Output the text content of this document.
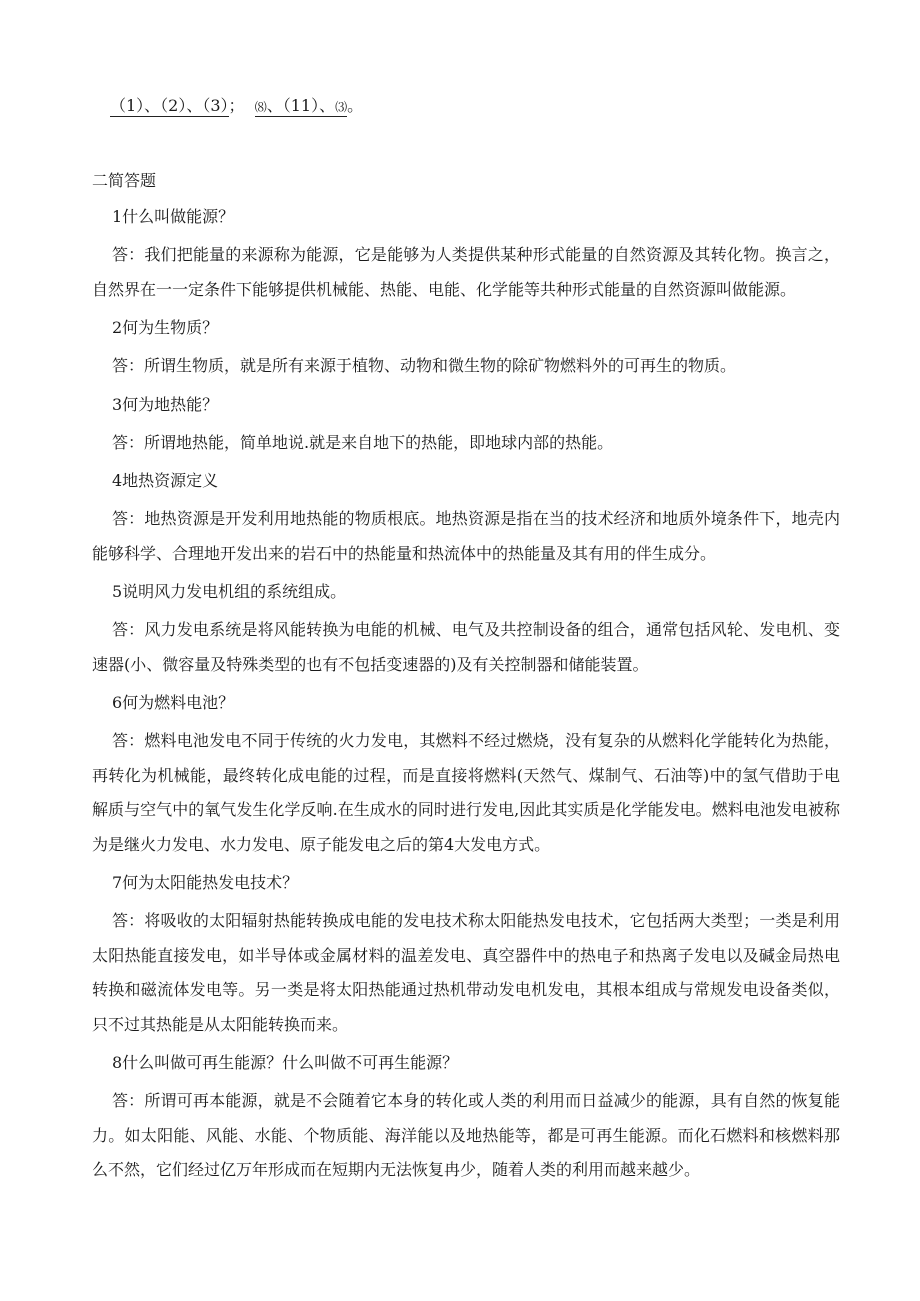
（1）、（2）、（3）； ⑻、（11）、⑶。

二简答题

1什么叫做能源？

答：我们把能量的来源称为能源，它是能够为人类提供某种形式能量的自然资源及其转化物。换言之，自然界在一一定条件下能够提供机械能、热能、电能、化学能等共种形式能量的自然资源叫做能源。

2何为生物质？

答：所谓生物质，就是所有来源于植物、动物和微生物的除矿物燃料外的可再生的物质。

3何为地热能？

答：所谓地热能，简单地说.就是来自地下的热能，即地球内部的热能。

4地热资源定义

答：地热资源是开发利用地热能的物质根底。地热资源是指在当的技术经济和地质外境条件下，地壳内能够科学、合理地开发出来的岩石中的热能量和热流体中的热能量及其有用的伴生成分。

5说明风力发电机组的系统组成。

答：风力发电系统是将风能转换为电能的机械、电气及共控制设备的组合，通常包括风轮、发电机、变速器(小、微容量及特殊类型的也有不包括变速器的)及有关控制器和储能装置。

6何为燃料电池？

答：燃料电池发电不同于传统的火力发电，其燃料不经过燃烧，没有复杂的从燃料化学能转化为热能，再转化为机械能，最终转化成电能的过程，而是直接将燃料(天然气、煤制气、石油等)中的氢气借助于电解质与空气中的氧气发生化学反响.在生成水的同时进行发电,因此其实质是化学能发电。燃料电池发电被称为是继火力发电、水力发电、原子能发电之后的第4大发电方式。

7何为太阳能热发电技术？

答：将吸收的太阳辐射热能转换成电能的发电技术称太阳能热发电技术，它包括两大类型；一类是利用太阳热能直接发电，如半导体或金属材料的温差发电、真空器件中的热电子和热离子发电以及碱金局热电转换和磁流体发电等。另一类是将太阳热能通过热机带动发电机发电，其根本组成与常规发电设备类似，只不过其热能是从太阳能转换而来。

8什么叫做可再生能源？什么叫做不可再生能源？

答：所谓可再本能源，就是不会随着它本身的转化或人类的利用而日益减少的能源，具有自然的恢复能力。如太阳能、风能、水能、个物质能、海洋能以及地热能等，都是可再生能源。而化石燃料和核燃料那么不然，它们经过亿万年形成而在短期内无法恢复冉少，随着人类的利用而越来越少。
